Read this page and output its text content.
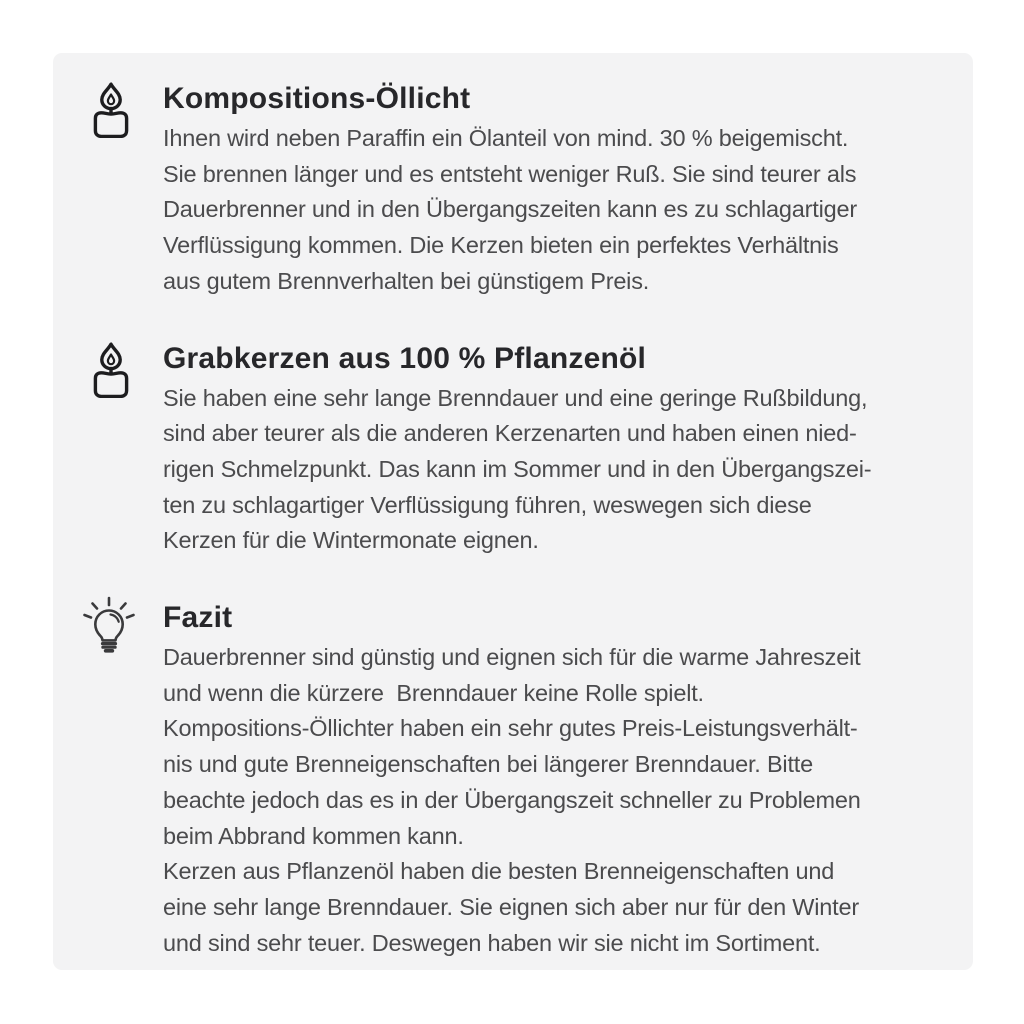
Kompositions-Öllicht
Ihnen wird neben Paraffin ein Ölanteil von mind. 30 % beigemischt.
Sie brennen länger und es entsteht weniger Ruß. Sie sind teurer als
Dauerbrenner und in den Übergangszeiten kann es zu schlagartiger
Verflüssigung kommen. Die Kerzen bieten ein perfektes Verhältnis
aus gutem Brennverhalten bei günstigem Preis.
Grabkerzen aus 100 % Pflanzenöl
Sie haben eine sehr lange Brenndauer und eine geringe Rußbildung,
sind aber teurer als die anderen Kerzenarten und haben einen nied-
rigen Schmelzpunkt. Das kann im Sommer und in den Übergangszei-
ten zu schlagartiger Verflüssigung führen, weswegen sich diese
Kerzen für die Wintermonate eignen.
Fazit
Dauerbrenner sind günstig und eignen sich für die warme Jahreszeit
und wenn die kürzere  Brenndauer keine Rolle spielt.
Kompositions-Öllichter haben ein sehr gutes Preis-Leistungsverhält-
nis und gute Brenneigenschaften bei längerer Brenndauer. Bitte
beachte jedoch das es in der Übergangszeit schneller zu Problemen
beim Abbrand kommen kann.
Kerzen aus Pflanzenöl haben die besten Brenneigenschaften und
eine sehr lange Brenndauer. Sie eignen sich aber nur für den Winter
und sind sehr teuer. Deswegen haben wir sie nicht im Sortiment.
